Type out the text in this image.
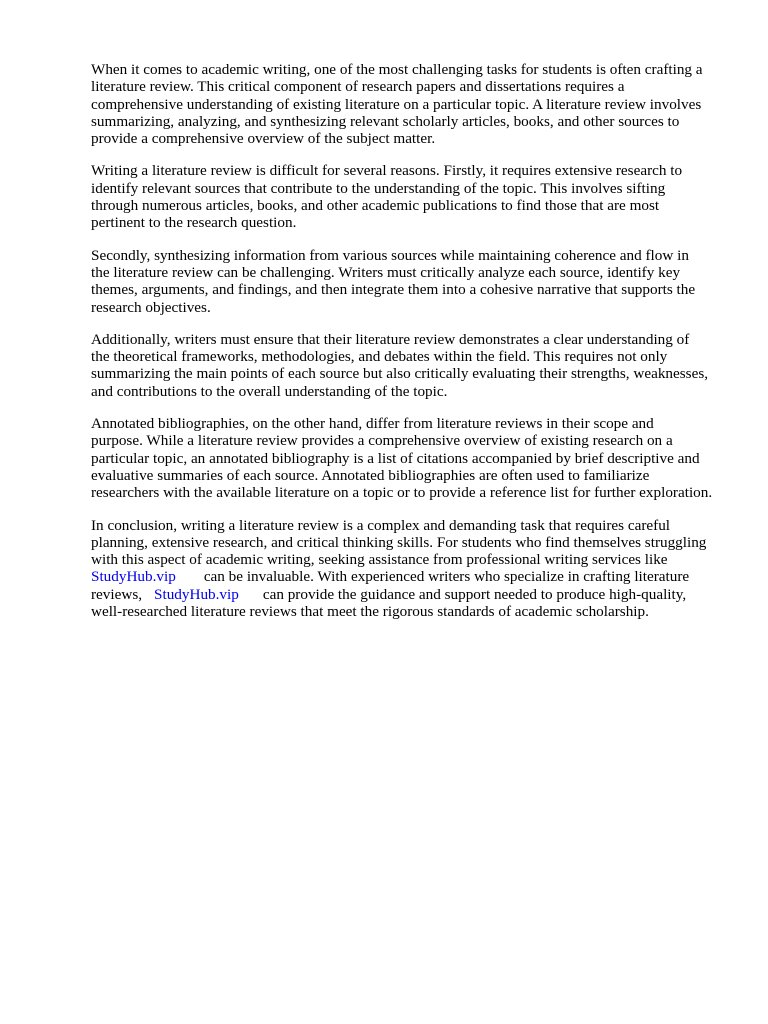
When it comes to academic writing, one of the most challenging tasks for students is often crafting a
literature review. This critical component of research papers and dissertations requires a
comprehensive understanding of existing literature on a particular topic. A literature review involves
summarizing, analyzing, and synthesizing relevant scholarly articles, books, and other sources to
provide a comprehensive overview of the subject matter.

Writing a literature review is difficult for several reasons. Firstly, it requires extensive research to
identify relevant sources that contribute to the understanding of the topic. This involves sifting
through numerous articles, books, and other academic publications to find those that are most
pertinent to the research question.

Secondly, synthesizing information from various sources while maintaining coherence and flow in
the literature review can be challenging. Writers must critically analyze each source, identify key
themes, arguments, and findings, and then integrate them into a cohesive narrative that supports the
research objectives.

Additionally, writers must ensure that their literature review demonstrates a clear understanding of
the theoretical frameworks, methodologies, and debates within the field. This requires not only
summarizing the main points of each source but also critically evaluating their strengths, weaknesses,
and contributions to the overall understanding of the topic.

Annotated bibliographies, on the other hand, differ from literature reviews in their scope and
purpose. While a literature review provides a comprehensive overview of existing research on a
particular topic, an annotated bibliography is a list of citations accompanied by brief descriptive and
evaluative summaries of each source. Annotated bibliographies are often used to familiarize
researchers with the available literature on a topic or to provide a reference list for further exploration.

In conclusion, writing a literature review is a complex and demanding task that requires careful
planning, extensive research, and critical thinking skills. For students who find themselves struggling
with this aspect of academic writing, seeking assistance from professional writing services like
StudyHub.vip can be invaluable. With experienced writers who specialize in crafting literature
reviews, StudyHub.vip can provide the guidance and support needed to produce high-quality,
well-researched literature reviews that meet the rigorous standards of academic scholarship.
